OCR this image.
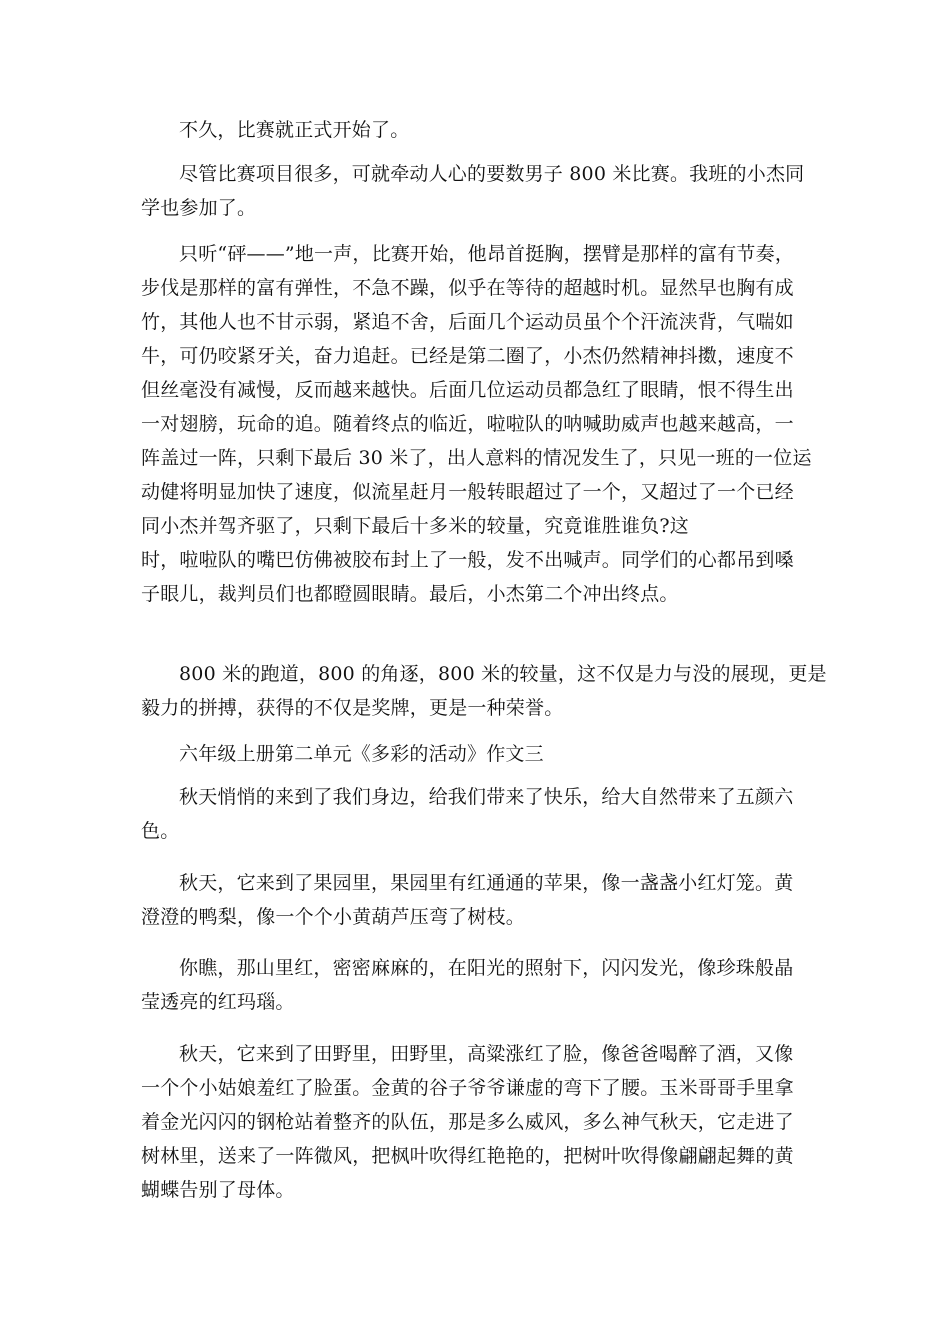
不久，比赛就正式开始了。
尽管比赛项目很多，可就牵动人心的要数男子 800 米比赛。我班的小杰同
学也参加了。
只听“砰——”地一声，比赛开始，他昂首挺胸，摆臂是那样的富有节奏，
步伐是那样的富有弹性，不急不躁，似乎在等待的超越时机。显然早也胸有成
竹，其他人也不甘示弱，紧追不舍，后面几个运动员虽个个汗流浃背，气喘如
牛，可仍咬紧牙关，奋力追赶。已经是第二圈了，小杰仍然精神抖擞，速度不
但丝毫没有减慢，反而越来越快。后面几位运动员都急红了眼睛，恨不得生出
一对翅膀，玩命的追。随着终点的临近，啦啦队的呐喊助威声也越来越高，一
阵盖过一阵，只剩下最后 30 米了，出人意料的情况发生了，只见一班的一位运
动健将明显加快了速度，似流星赶月一般转眼超过了一个，又超过了一个已经
同小杰并驾齐驱了，只剩下最后十多米的较量，究竟谁胜谁负?这
时，啦啦队的嘴巴仿佛被胶布封上了一般，发不出喊声。同学们的心都吊到嗓
子眼儿，裁判员们也都瞪圆眼睛。最后，小杰第二个冲出终点。
800 米的跑道，800 的角逐，800 米的较量，这不仅是力与没的展现，更是
毅力的拼搏，获得的不仅是奖牌，更是一种荣誉。
六年级上册第二单元《多彩的活动》作文三
秋天悄悄的来到了我们身边，给我们带来了快乐，给大自然带来了五颜六
色。
秋天，它来到了果园里，果园里有红通通的苹果，像一盏盏小红灯笼。黄
澄澄的鸭梨，像一个个小黄葫芦压弯了树枝。
你瞧，那山里红，密密麻麻的，在阳光的照射下，闪闪发光，像珍珠般晶
莹透亮的红玛瑙。
秋天，它来到了田野里，田野里，高粱涨红了脸，像爸爸喝醉了酒，又像
一个个小姑娘羞红了脸蛋。金黄的谷子爷爷谦虚的弯下了腰。玉米哥哥手里拿
着金光闪闪的钢枪站着整齐的队伍，那是多么威风，多么神气秋天，它走进了
树林里，送来了一阵微风，把枫叶吹得红艳艳的，把树叶吹得像翩翩起舞的黄
蝴蝶告别了母体。
